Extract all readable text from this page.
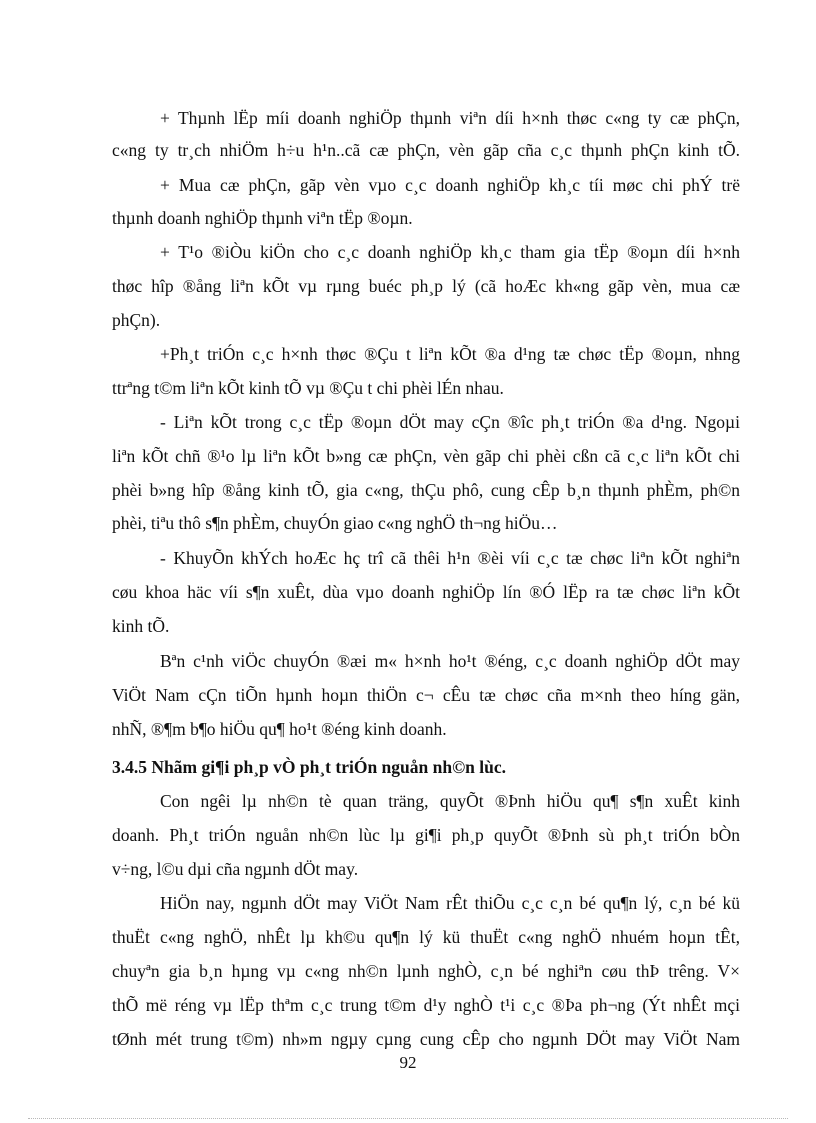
+ Thµnh lËp míi doanh nghiÖp thµnh viªn díi h×nh thøc c«ng ty cæ phÇn,
c«ng ty tr¸ch nhiÖm h÷u h¹n..cã cæ phÇn, vèn gãp cña c¸c thµnh phÇn kinh tÕ.
+ Mua cæ phÇn, gãp vèn vµo c¸c doanh nghiÖp kh¸c tíi møc chi phÝ trë
thµnh doanh nghiÖp thµnh viªn tËp ®oµn.
+ T¹o ®iÒu kiÖn cho c¸c doanh nghiÖp kh¸c tham gia tËp ®oµn díi h×nh
thøc hîp ®ång liªn kÕt vµ rµng buéc ph¸p lý (cã hoÆc kh«ng gãp vèn, mua cæ
phÇn).
+Ph¸t triÓn c¸c h×nh thøc ®Çu t liªn kÕt ®a d¹ng tæ chøc tËp ®oµn, nhng
ttrªng t©m liªn kÕt kinh tÕ vµ ®Çu t chi phèi lÉn nhau.
- Liªn kÕt trong c¸c tËp ®oµn dÖt may cÇn ®îc ph¸t triÓn ®a d¹ng. Ngoµi
liªn kÕt chñ ®¹o lµ liªn kÕt b»ng cæ phÇn, vèn gãp chi phèi cßn cã c¸c liªn kÕt chi
phèi b»ng hîp ®ång kinh tÕ, gia c«ng, thÇu phô, cung cÊp b¸n thµnh phÈm, ph©n
phèi, tiªu thô s¶n phÈm, chuyÓn giao c«ng nghÖ th¬ng hiÖu…
- KhuyÕn khÝch hoÆc hç trî cã thêi h¹n ®èi víi c¸c tæ chøc liªn kÕt nghiªn
cøu khoa häc víi s¶n xuÊt, dùa vµo doanh nghiÖp lín ®Ó lËp ra tæ chøc liªn kÕt
kinh tÕ.
Bªn c¹nh viÖc chuyÓn ®æi m« h×nh ho¹t ®éng, c¸c doanh nghiÖp dÖt may
ViÖt Nam cÇn tiÕn hµnh hoµn thiÖn c¬ cÊu tæ chøc cña m×nh theo híng gän,
nhÑ, ®¶m b¶o hiÖu qu¶ ho¹t ®éng kinh doanh.
3.4.5 Nhãm gi¶i ph¸p vÒ ph¸t triÓn nguån nh©n lùc.
Con ngêi lµ nh©n tè quan träng, quyÕt ®Þnh hiÖu qu¶ s¶n xuÊt kinh
doanh. Ph¸t triÓn nguån nh©n lùc lµ gi¶i ph¸p quyÕt ®Þnh sù ph¸t triÓn bÒn
v÷ng, l©u dµi cña ngµnh dÖt may.
HiÖn nay, ngµnh dÖt may ViÖt Nam rÊt thiÕu c¸c c¸n bé qu¶n lý, c¸n bé kü
thuËt c«ng nghÖ, nhÊt lµ kh©u qu¶n lý kü thuËt c«ng nghÖ nhuém hoµn tÊt,
chuyªn gia b¸n hµng vµ c«ng nh©n lµnh nghÒ, c¸n bé nghiªn cøu thÞ trêng. V×
thÕ më réng vµ lËp thªm c¸c trung t©m d¹y nghÒ t¹i c¸c ®Þa ph¬ng (Ýt nhÊt mçi
tØnh mét trung t©m) nh»m ngµy cµng cung cÊp cho ngµnh DÖt may ViÖt Nam
92
